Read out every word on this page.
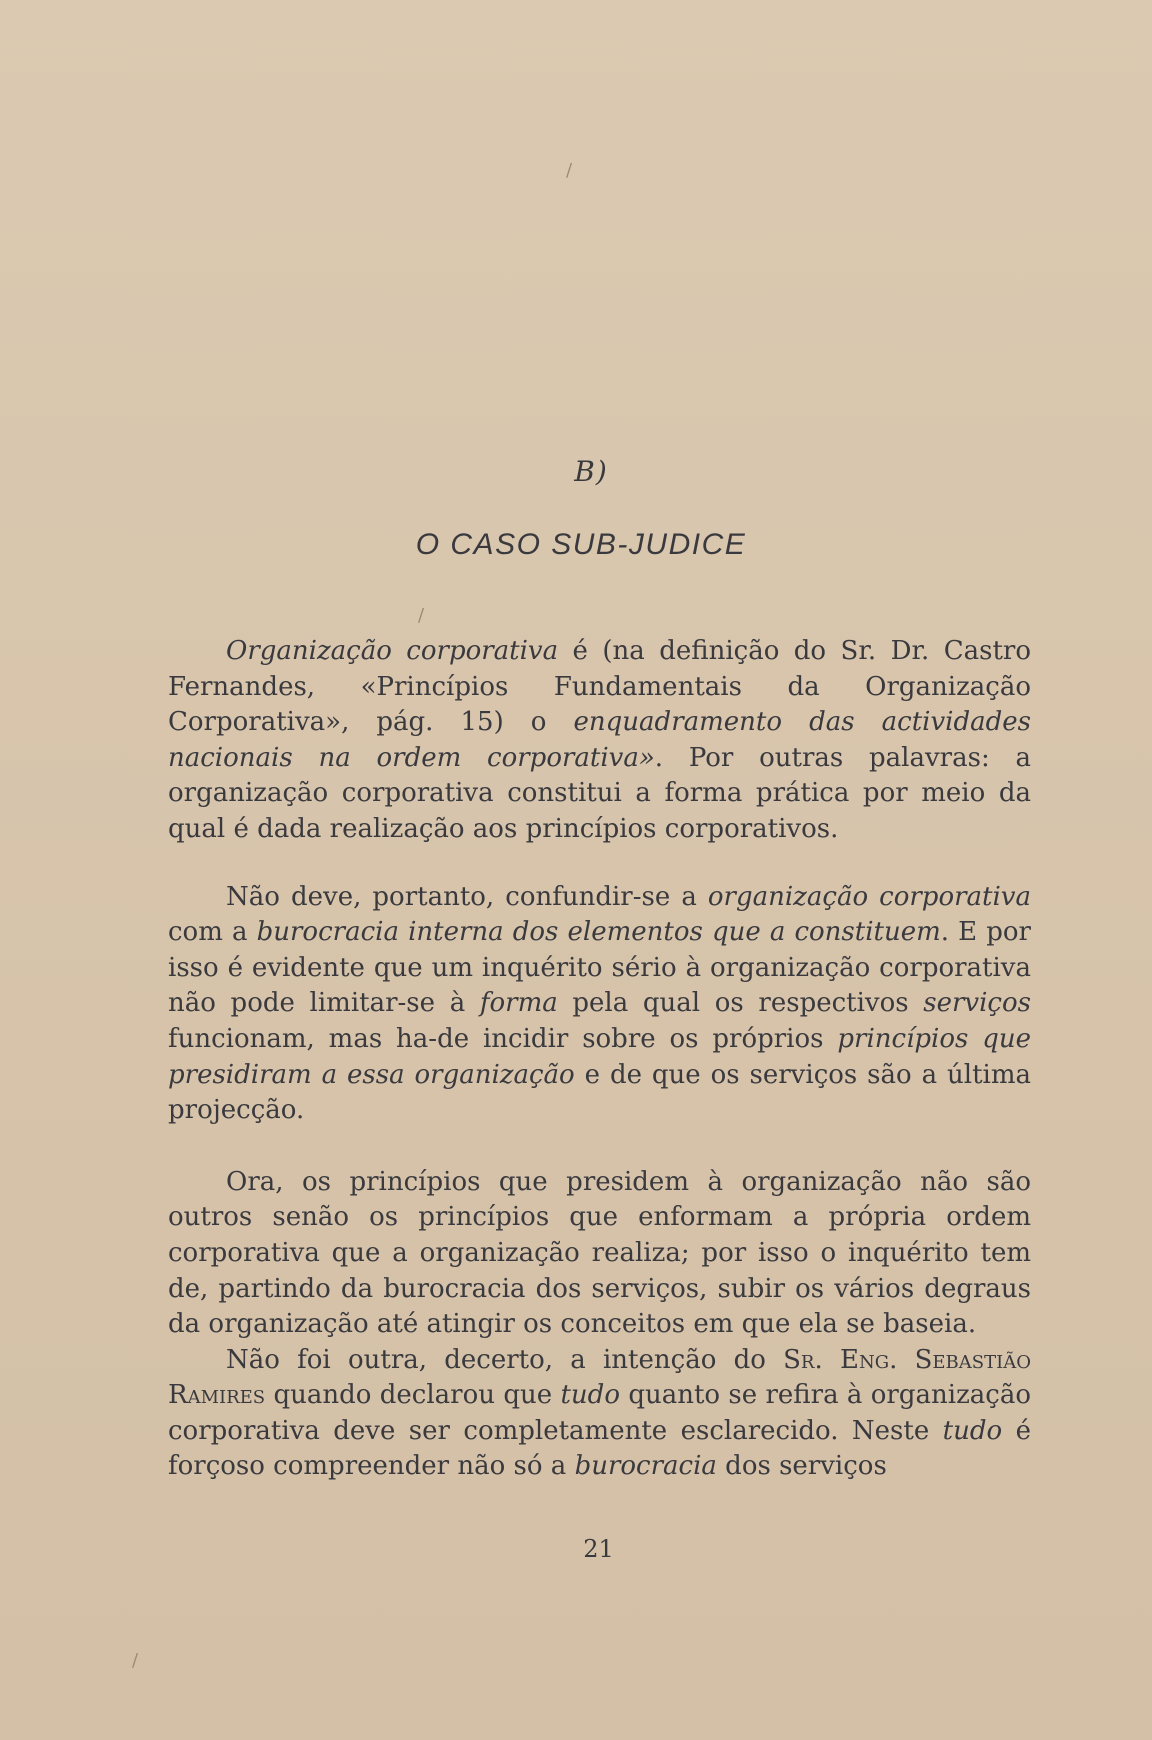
/
/
/
B)
O CASO SUB-JUDICE

Organização corporativa é (na definição do Sr. Dr. Castro Fernandes, «Princípios Fundamentais da Organização Corporativa», pág. 15) o enquadramento das actividades nacionais na ordem corporativa». Por outras palavras: a organização corporativa constitui a forma prática por meio da qual é dada realização aos princípios corporativos.

Não deve, portanto, confundir-se a organização corporativa com a burocracia interna dos elementos que a constituem. E por isso é evidente que um inquérito sério à organização corporativa não pode limitar-se à forma pela qual os respectivos serviços funcionam, mas ha-de incidir sobre os próprios princípios que presidiram a essa organização e de que os serviços são a última projecção.

Ora, os princípios que presidem à organização não são outros senão os princípios que enformam a própria ordem corporativa que a organização realiza; por isso o inquérito tem de, partindo da burocracia dos serviços, subir os vários degraus da organização até atingir os conceitos em que ela se baseia.

Não foi outra, decerto, a intenção do Sr. Eng. Sebastião Ramires quando declarou que tudo quanto se refira à organização corporativa deve ser completamente esclarecido. Neste tudo é forçoso compreender não só a burocracia dos serviços

21
